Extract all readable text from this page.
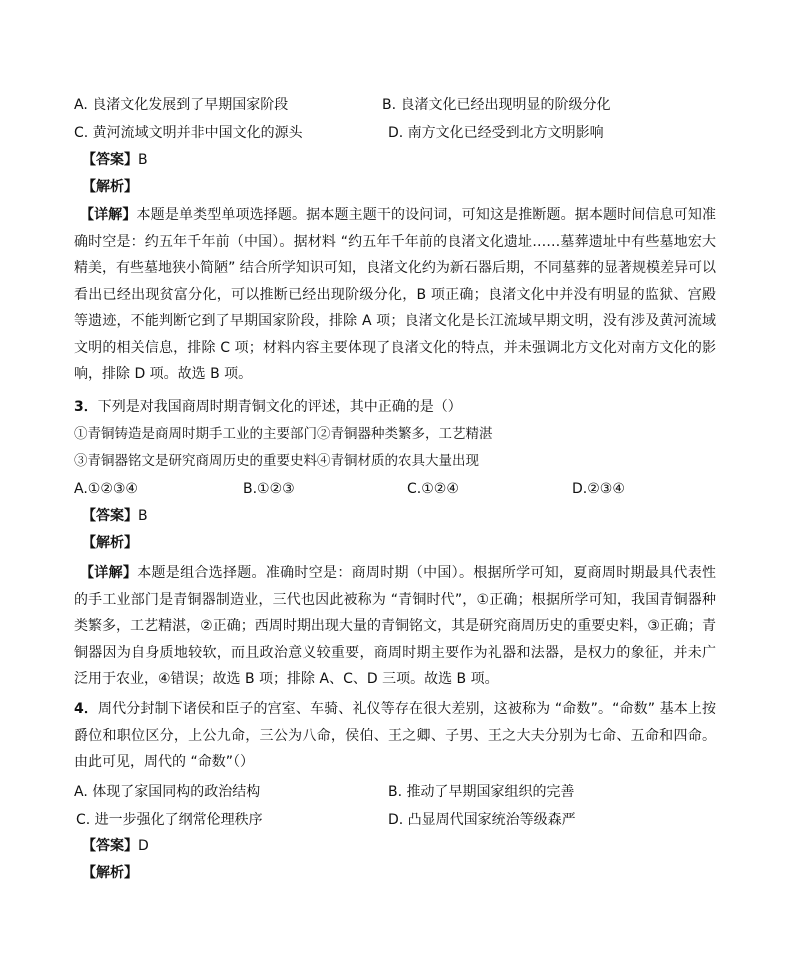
A. 良渚文化发展到了早期国家阶段	B. 良渚文化已经出现明显的阶级分化
C. 黄河流域文明并非中国文化的源头	D. 南方文化已经受到北方文明影响
【答案】B
【解析】
【详解】本题是单类型单项选择题。据本题主题干的设问词，可知这是推断题。据本题时间信息可知准确时空是：约五年千年前（中国）。据材料 “约五年千年前的良渚文化遗址……墓葬遗址中有些墓地宏大精美，有些墓地狭小简陋” 结合所学知识可知，良渚文化约为新石器后期，不同墓葬的显著规模差异可以看出已经出现贫富分化，可以推断已经出现阶级分化，B 项正确；良渚文化中并没有明显的监狱、宫殿等遗迹，不能判断它到了早期国家阶段，排除 A 项；良渚文化是长江流域早期文明，没有涉及黄河流域文明的相关信息，排除 C 项；材料内容主要体现了良渚文化的特点，并未强调北方文化对南方文化的影响，排除 D 项。故选 B 项。
3．下列是对我国商周时期青铜文化的评述，其中正确的是（）
①青铜铸造是商周时期手工业的主要部门②青铜器种类繁多，工艺精湛
③青铜器铭文是研究商周历史的重要史料④青铜材质的农具大量出现
A.①②③④	B.①②③	C.①②④	D.②③④
【答案】B
【解析】
【详解】本题是组合选择题。准确时空是：商周时期（中国）。根据所学可知，夏商周时期最具代表性的手工业部门是青铜器制造业，三代也因此被称为 “青铜时代”，①正确；根据所学可知，我国青铜器种类繁多，工艺精湛，②正确；西周时期出现大量的青铜铭文，其是研究商周历史的重要史料，③正确；青铜器因为自身质地较软，而且政治意义较重要，商周时期主要作为礼器和法器，是权力的象征，并未广泛用于农业，④错误；故选 B 项；排除 A、C、D 三项。故选 B 项。
4．周代分封制下诸侯和臣子的宫室、车骑、礼仪等存在很大差别，这被称为 “命数”。“命数” 基本上按爵位和职位区分，上公九命，三公为八命，侯伯、王之卿、子男、王之大夫分别为七命、五命和四命。由此可见，周代的 “命数”（）
A. 体现了家国同构的政治结构	B. 推动了早期国家组织的完善
C. 进一步强化了纲常伦理秩序	D. 凸显周代国家统治等级森严
【答案】D
【解析】
